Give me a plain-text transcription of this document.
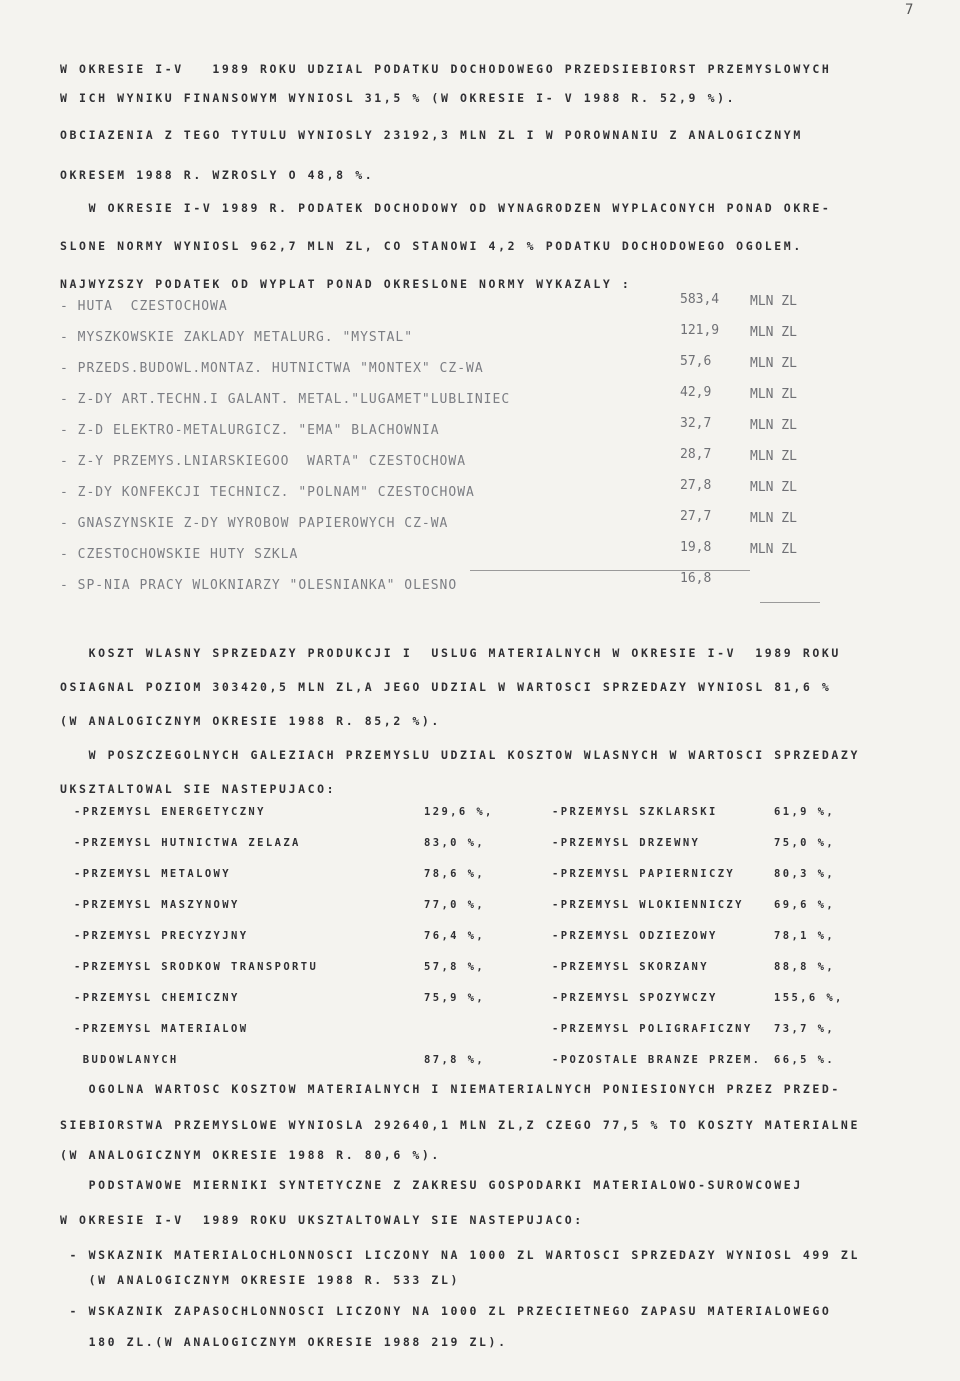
7
W OKRESIE I-V   1989 ROKU UDZIAL PODATKU DOCHODOWEGO PRZEDSIEBIORST PRZEMYSLOWYCH
W ICH WYNIKU FINANSOWYM WYNIOSL 31,5 % (W OKRESIE I- V 1988 R. 52,9 %).
OBCIAZENIA Z TEGO TYTULU WYNIOSLY 23192,3 MLN ZL I W POROWNANIU Z ANALOGICZNYM
OKRESEM 1988 R. WZROSLY O 48,8 %.
W OKRESIE I-V 1989 R. PODATEK DOCHODOWY OD WYNAGRODZEN WYPLACONYCH PONAD OKRE-
SLONE NORMY WYNIOSL 962,7 MLN ZL, CO STANOWI 4,2 % PODATKU DOCHODOWEGO OGOLEM.
NAJWYZSZY PODATEK OD WYPLAT PONAD OKRESLONE NORMY WYKAZALY :
- HUTA  CZESTOCHOWA	583,4 MLN ZL
- MYSZKOWSKIE ZAKLADY METALURG. "MYSTAL"	121,9 MLN ZL
- PRZEDS.BUDOWL.MONTAZ. HUTNICTWA "MONTEX" CZ-WA	57,6	MLN ZL
- Z-DY ART.TECHN.I GALANT. METAL."LUGAMET"LUBLINIEC	42,9	MLN ZL
- Z-D ELEKTRO-METALURGICZ. "EMA" BLACHOWNIA	32,7	MLN ZL
- Z-Y PRZEMYS.LNIARSKIEGOO  WARTA" CZESTOCHOWA	28,7	MLN ZL
- Z-DY KONFEKCJI TECHNICZ. "POLNAM" CZESTOCHOWA	27,8	MLN ZL
- GNASZYNSKIE Z-DY WYROBOW PAPIEROWYCH CZ-WA	27,7	MLN ZL
- CZESTOCHOWSKIE HUTY SZKLA	19,8	MLN ZL
- SP-NIA PRACY WLOKNIARZY "OLESNIANKA" OLESNO	16,8
KOSZT WLASNY SPRZEDAZY PRODUKCJI I  USLUG MATERIALNYCH W OKRESIE I-V  1989 ROKU
OSIAGNAL POZIOM 303420,5 MLN ZL,A JEGO UDZIAL W WARTOSCI SPRZEDAZY WYNIOSL 81,6 %
(W ANALOGICZNYM OKRESIE 1988 R. 85,2 %).
W POSZCZEGOLNYCH GALEZIACH PRZEMYSLU UDZIAL KOSZTOW WLASNYCH W WARTOSCI SPRZEDAZY
UKSZTALTOWAL SIE NASTEPUJACO:
-PRZEMYSL ENERGETYCZNY	129,6 %,	-PRZEMYSL SZKLARSKI	61,9 %,
-PRZEMYSL HUTNICTWA ZELAZA	83,0 %,	-PRZEMYSL DRZEWNY	75,0 %,
-PRZEMYSL METALOWY	78,6 %,	-PRZEMYSL PAPIERNICZY	80,3 %,
-PRZEMYSL MASZYNOWY	77,0 %,	-PRZEMYSL WLOKIENNICZY	69,6 %,
-PRZEMYSL PRECYZYJNY	76,4 %,	-PRZEMYSL ODZIEZOWY	78,1 %,
-PRZEMYSL SRODKOW TRANSPORTU	57,8 %,	-PRZEMYSL SKORZANY	88,8 %,
-PRZEMYSL CHEMICZNY	75,9 %,	-PRZEMYSL SPOZYWCZY	155,6 %,
-PRZEMYSL MATERIALOW	-PRZEMYSL POLIGRAFICZNY 73,7 %,
BUDOWLANYCH	87,8 %,	-POZOSTALE BRANZE PRZEM. 66,5 %.
OGOLNA WARTOSC KOSZTOW MATERIALNYCH I NIEMATERIALNYCH PONIESIONYCH PRZEZ PRZED-
SIEBIORSTWA PRZEMYSLOWE WYNIOSLA 292640,1 MLN ZL,Z CZEGO 77,5 % TO KOSZTY MATERIALNE
(W ANALOGICZNYM OKRESIE 1988 R. 80,6 %).
PODSTAWOWE MIERNIKI SYNTETYCZNE Z ZAKRESU GOSPODARKI MATERIALOWO-SUROWCOWEJ
W OKRESIE I-V  1989 ROKU UKSZTALTOWALY SIE NASTEPUJACO:
- WSKAZNIK MATERIALOCHLONNOSCI LICZONY NA 1000 ZL WARTOSCI SPRZEDAZY WYNIOSL 499 ZL
(W ANALOGICZNYM OKRESIE 1988 R. 533 ZL)
- WSKAZNIK ZAPASOCHLONNOSCI LICZONY NA 1000 ZL PRZECIETNEGO ZAPASU MATERIALOWEGO
180 ZL.(W ANALOGICZNYM OKRESIE 1988 219 ZL).
